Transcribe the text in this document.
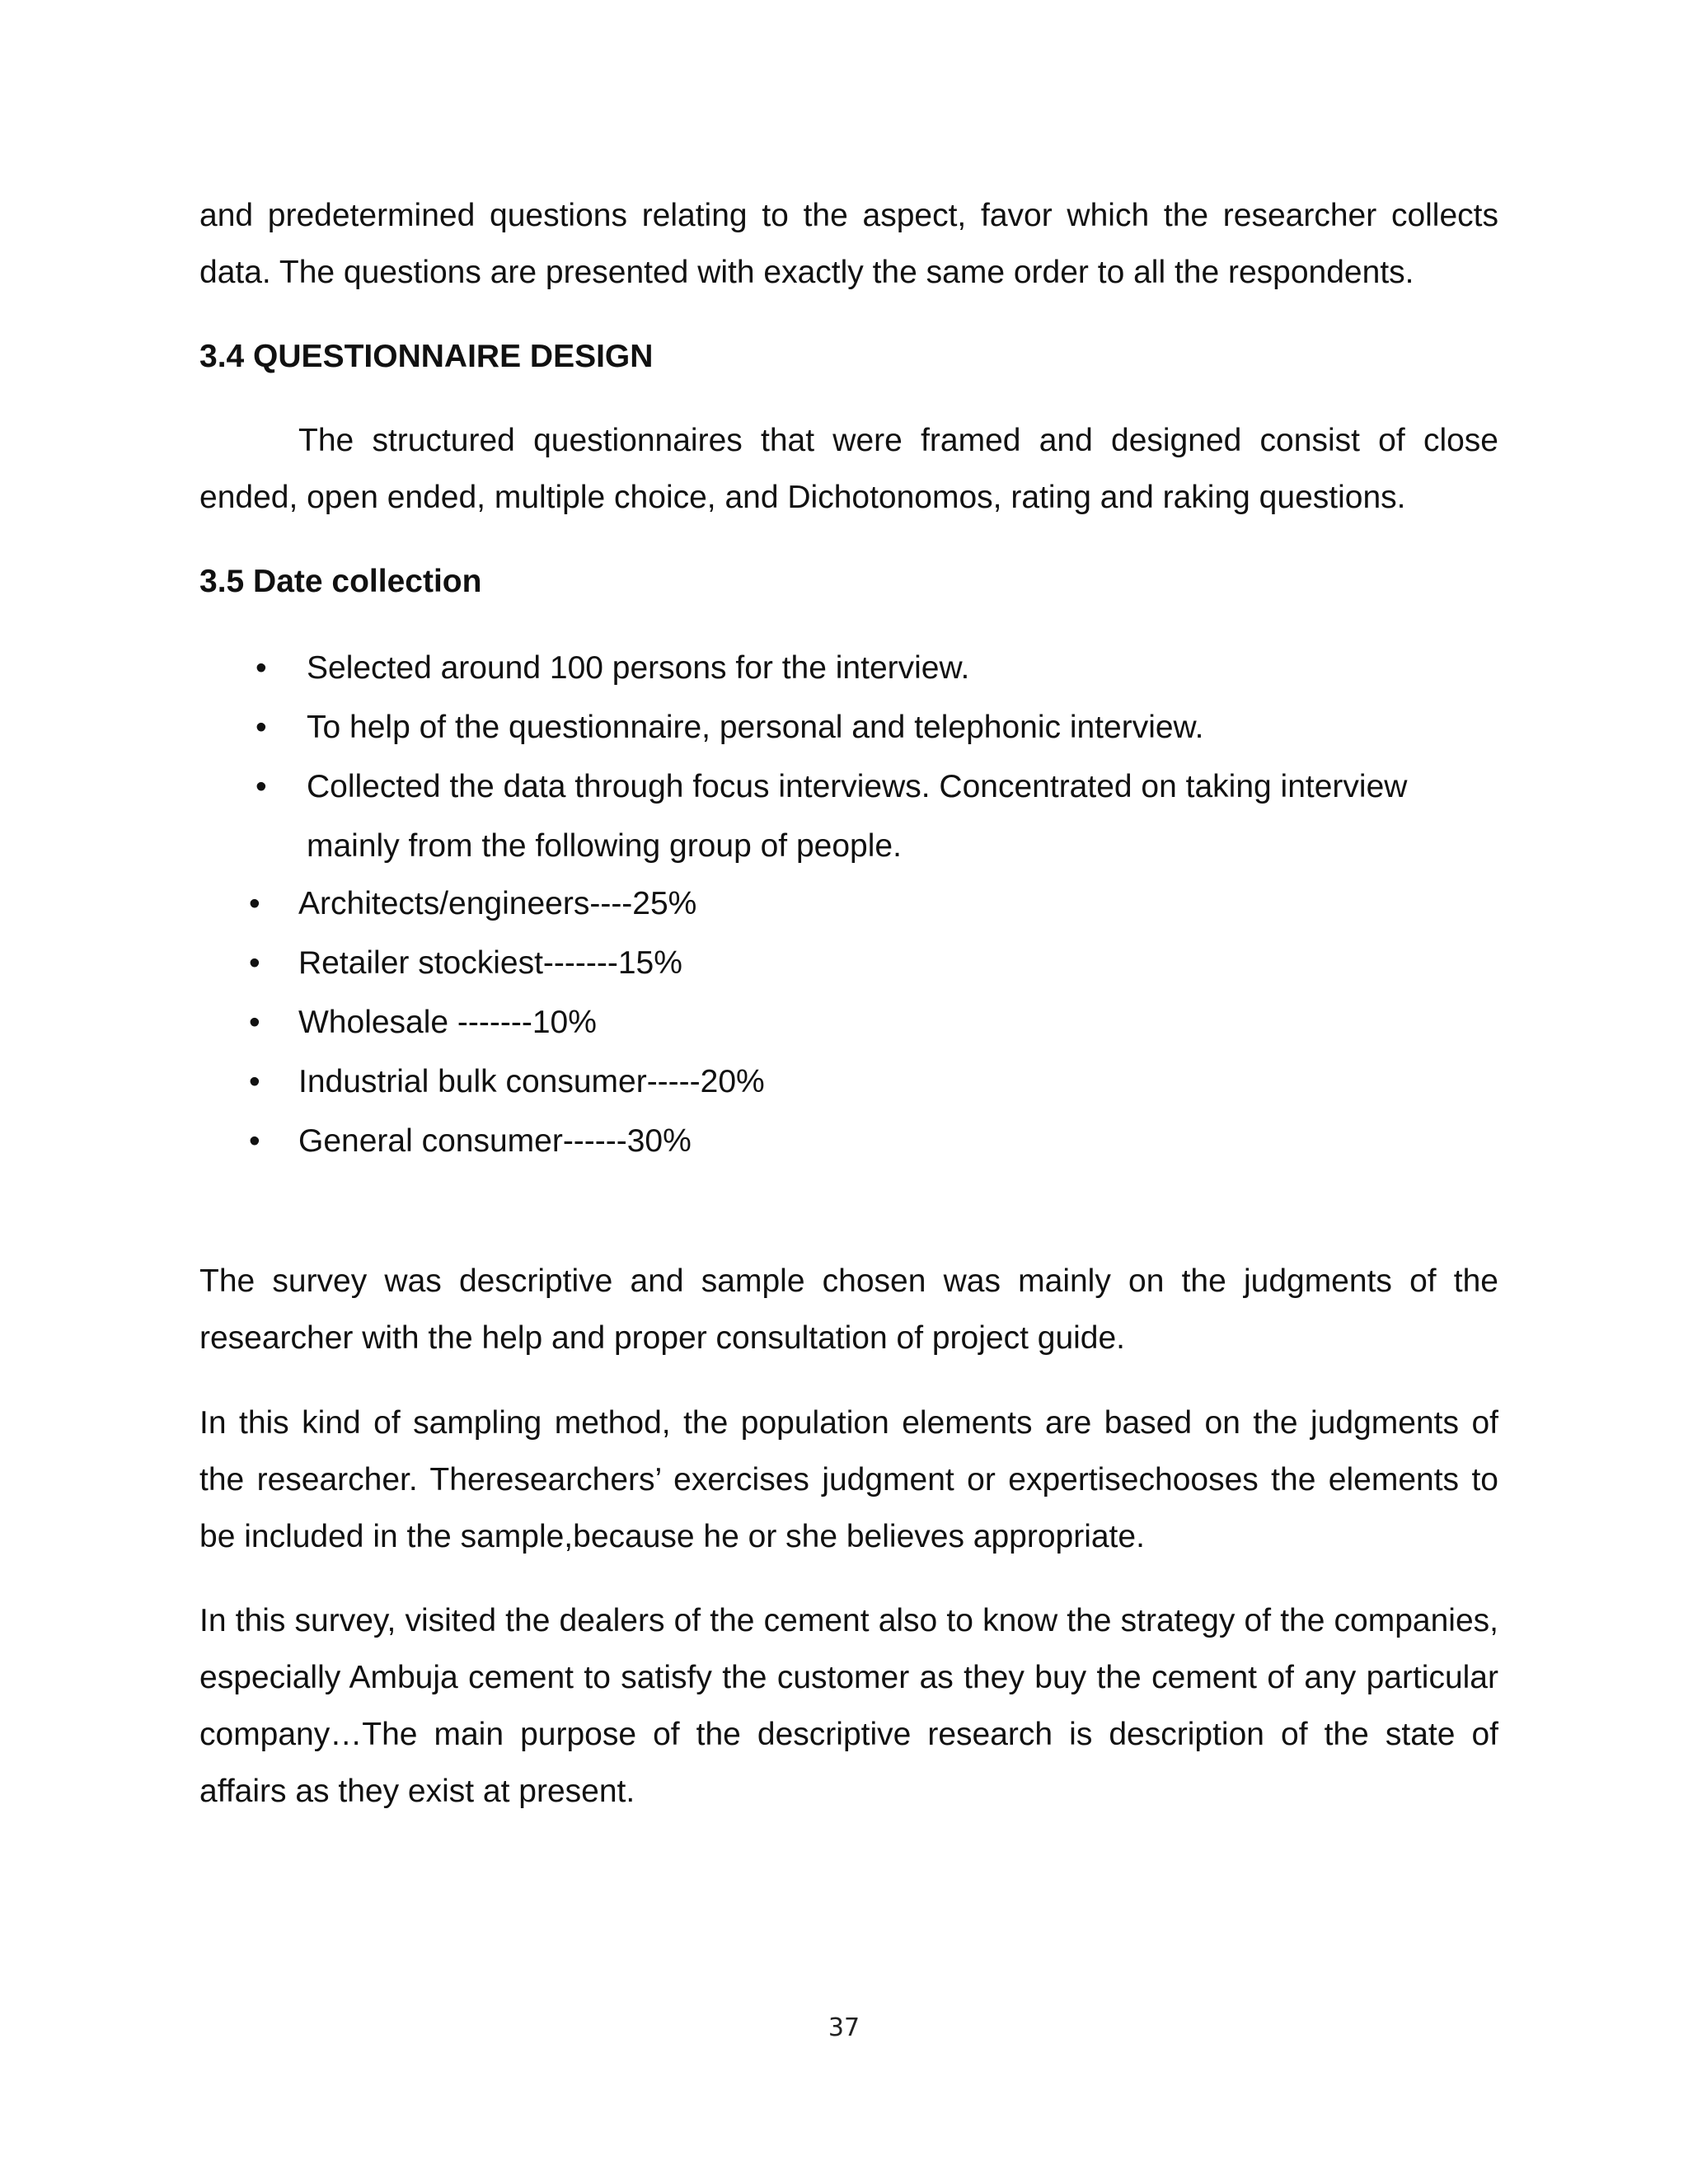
and predetermined questions relating to the aspect, favor which the researcher collects data. The questions are presented with exactly the same order to all the respondents.
3.4 QUESTIONNAIRE DESIGN
The structured questionnaires that were framed and designed consist of close ended, open ended, multiple choice, and Dichotonomos, rating and raking questions.
3.5 Date collection
• Selected around 100 persons for the interview.
• To help of the questionnaire, personal and telephonic interview.
• Collected the data through focus interviews. Concentrated on taking interview mainly from the following group of people.
• Architects/engineers----25%
• Retailer stockiest-------15%
• Wholesale -------10%
• Industrial bulk consumer-----20%
• General consumer------30%
The survey was descriptive and sample chosen was mainly on the judgments of the researcher with the help and proper consultation of project guide.
In this kind of sampling method, the population elements are based on the judgments of the researcher. Theresearchers’ exercises judgment or expertisechooses the elements to be included in the sample,because he or she believes appropriate.
In this survey, visited the dealers of the cement also to know the strategy of the companies, especially Ambuja cement to satisfy the customer as they buy the cement of any particular company…The main purpose of the descriptive research is description of the state of affairs as they exist at present.
37
